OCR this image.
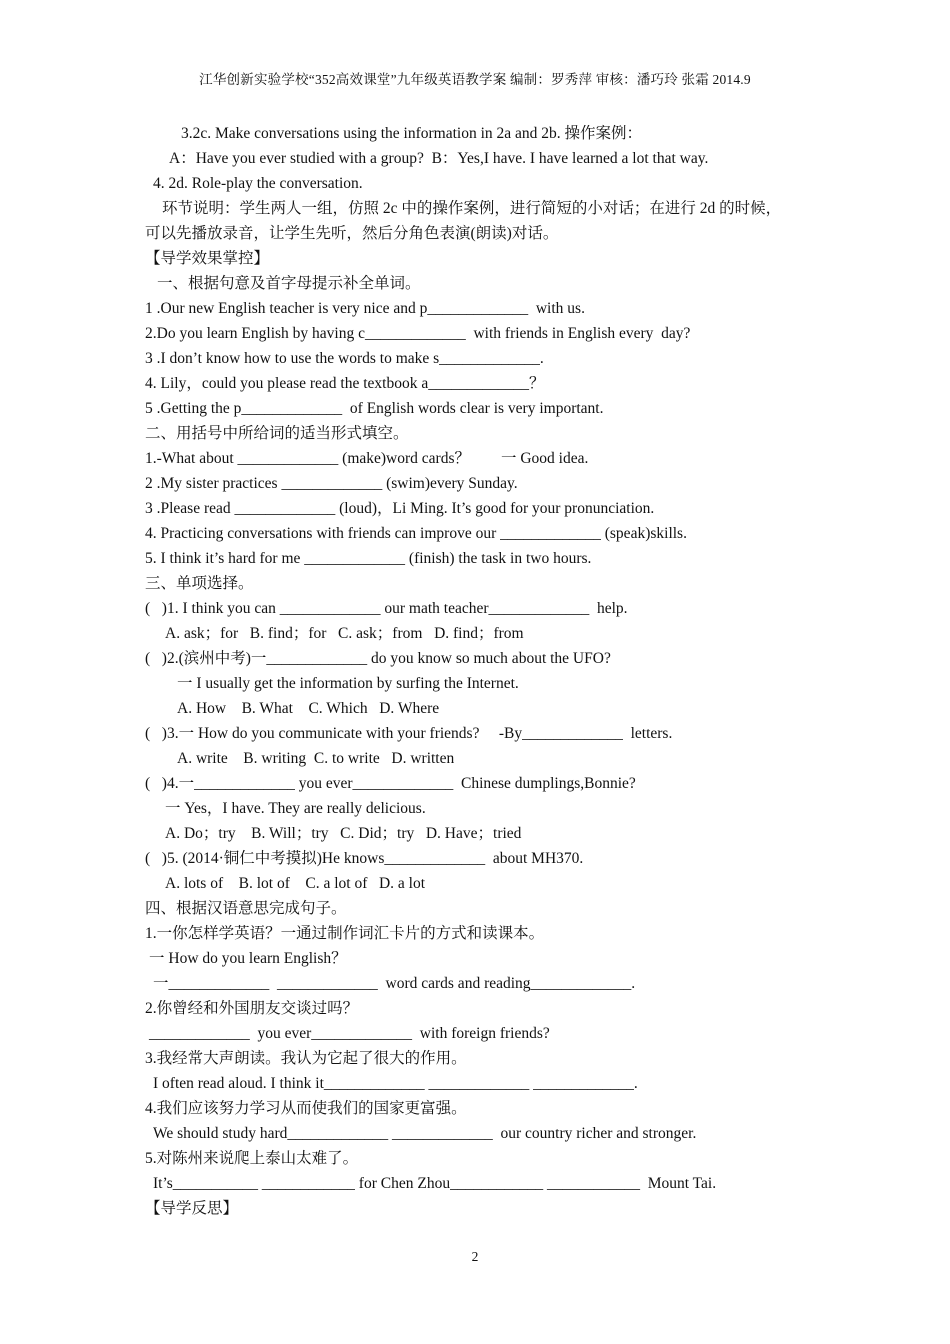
江华创新实验学校“352高效课堂”九年级英语教学案 编制：罗秀萍 审核：潘巧玲 张霜 2014.9
3.2c. Make conversations using the information in 2a and 2b. 操作案例：
A：Have you ever studied with a group?  B：Yes,I have. I have learned a lot that way.
4. 2d. Role-play the conversation.
环节说明：学生两人一组，仿照 2c 中的操作案例，进行简短的小对话；在进行 2d 的时候，
可以先播放录音，让学生先听，然后分角色表演(朗读)对话。
【导学效果掌控】
一、根据句意及首字母提示补全单词。
1 .Our new English teacher is very nice and p_____________  with us.
2.Do you learn English by having c_____________  with friends in English every  day?
3 .I don’t know how to use the words to make s_____________.
4. Lily，could you please read the textbook a_____________？
5 .Getting the p_____________  of English words clear is very important.
二、用括号中所给词的适当形式填空。
1.-What about _____________ (make)word cards？        一 Good idea.
2 .My sister practices _____________ (swim)every Sunday.
3 .Please read _____________ (loud)，Li Ming. It’s good for your pronunciation.
4. Practicing conversations with friends can improve our _____________ (speak)skills.
5. I think it’s hard for me _____________ (finish) the task in two hours.
三、单项选择。
(   )1. I think you can _____________ our math teacher_____________  help.
A. ask；for   B. find；for   C. ask；from   D. find；from
(   )2.(滨州中考)一_____________ do you know so much about the UFO?
一 I usually get the information by surfing the Internet.
A. How    B. What    C. Which   D. Where
(   )3.一 How do you communicate with your friends?     -By_____________  letters.
A. write    B. writing  C. to write   D. written
(   )4.一_____________ you ever_____________  Chinese dumplings,Bonnie?
一 Yes，I have. They are really delicious.
A. Do；try    B. Will；try   C. Did；try   D. Have；tried
(   )5. (2014·铜仁中考摸拟)He knows_____________  about MH370.
A. lots of    B. lot of    C. a lot of   D. a lot
四、根据汉语意思完成句子。
1.一你怎样学英语？一通过制作词汇卡片的方式和读课本。
一 How do you learn English？
一_____________  _____________  word cards and reading_____________.
2.你曾经和外国朋友交谈过吗？
_____________  you ever_____________  with foreign friends?
3.我经常大声朗读。我认为它起了很大的作用。
I often read aloud. I think it_____________ _____________ _____________.
4.我们应该努力学习从而使我们的国家更富强。
We should study hard_____________ _____________  our country richer and stronger.
5.对陈州来说爬上泰山太难了。
It’s___________ ____________ for Chen Zhou____________ ____________  Mount Tai.
【导学反思】
2
